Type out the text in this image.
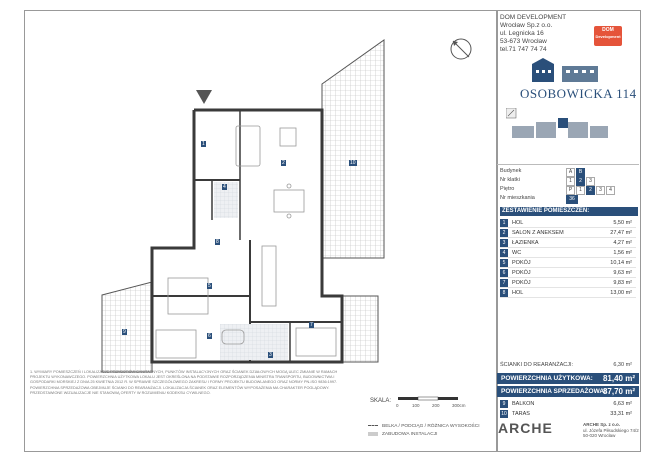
1
2
3
4
5
6
7
8
9
10
DOM DEVELOPMENT
Wrocław Sp.z o.o.
ul. Legnicka 16
53-673 Wrocław
tel.71 747 74 74
DOM
Development
OSOBOWICKA 114
Budynek	A	B
Nr klatki	1	2	3
Piętro	P	1	2	3	4
Nr mieszkania	36
ZESTAWIENIE POMIESZCZEŃ:
1	HOL	5,50 m²
2	SALON Z ANEKSEM	27,47 m²
3	ŁAZIENKA	4,27 m²
4	WC	1,56 m²
5	POKÓJ	10,14 m²
6	POKÓJ	9,63 m²
7	POKÓJ	9,83 m²
8	HOL	13,00 m²
ŚCIANKI DO REARANŻACJI:	6,30 m²
POWIERZCHNIA UŻYTKOWA: 81,40 m²
POWIERZCHNIA SPRZEDAŻOWA:
87,70 m²
9	BALKON	6,63 m²
10 TARAS	33,31 m²
SKALA:
0	100	200	300cm
BELKA / PODCIĄG / RÓŻNICA WYSOKOŚCI
ZABUDOWA INSTALACJI
1. WYMIARY POMIESZCZEŃ I LOKALIZACJE PRZYBORÓW SANITARNYCH, PUNKTÓW INSTALACYJNYCH ORAZ ŚCIANEK DZIAŁOWYCH MOGĄ ULEC ZMIANIE W RAMACH PROJEKTU WYKONAWCZEGO. POWIERZCHNIA UŻYTKOWA LOKALU JEST OKREŚLONA NA PODSTAWIE ROZPORZĄDZENIA MINISTRA TRANSPORTU, BUDOWNICTWA I GOSPODARKI MORSKIEJ Z DNIA 25 KWIETNIA 2012 R. W SPRAWIE SZCZEGÓŁOWEGO ZAKRESU I FORMY PROJEKTU BUDOWLANEGO ORAZ NORMY PN-ISO 9836:1997. POWIERZCHNIA SPRZEDAŻOWA OBEJMUJE ŚCIANKI DO REARANŻACJI. LOKALIZACJA ŚCIANEK ORAZ ELEMENTÓW WYPOSAŻENIA MA CHARAKTER POGLĄDOWY. PRZEDSTAWIONE WIZUALIZACJE NIE STANOWIĄ OFERTY W ROZUMIENIU KODEKSU CYWILNEGO.
ARCHE	ARCHE Sp. z o.o.
ul. Józefa Piłsudskiego 74/2 50-020 Wrocław
